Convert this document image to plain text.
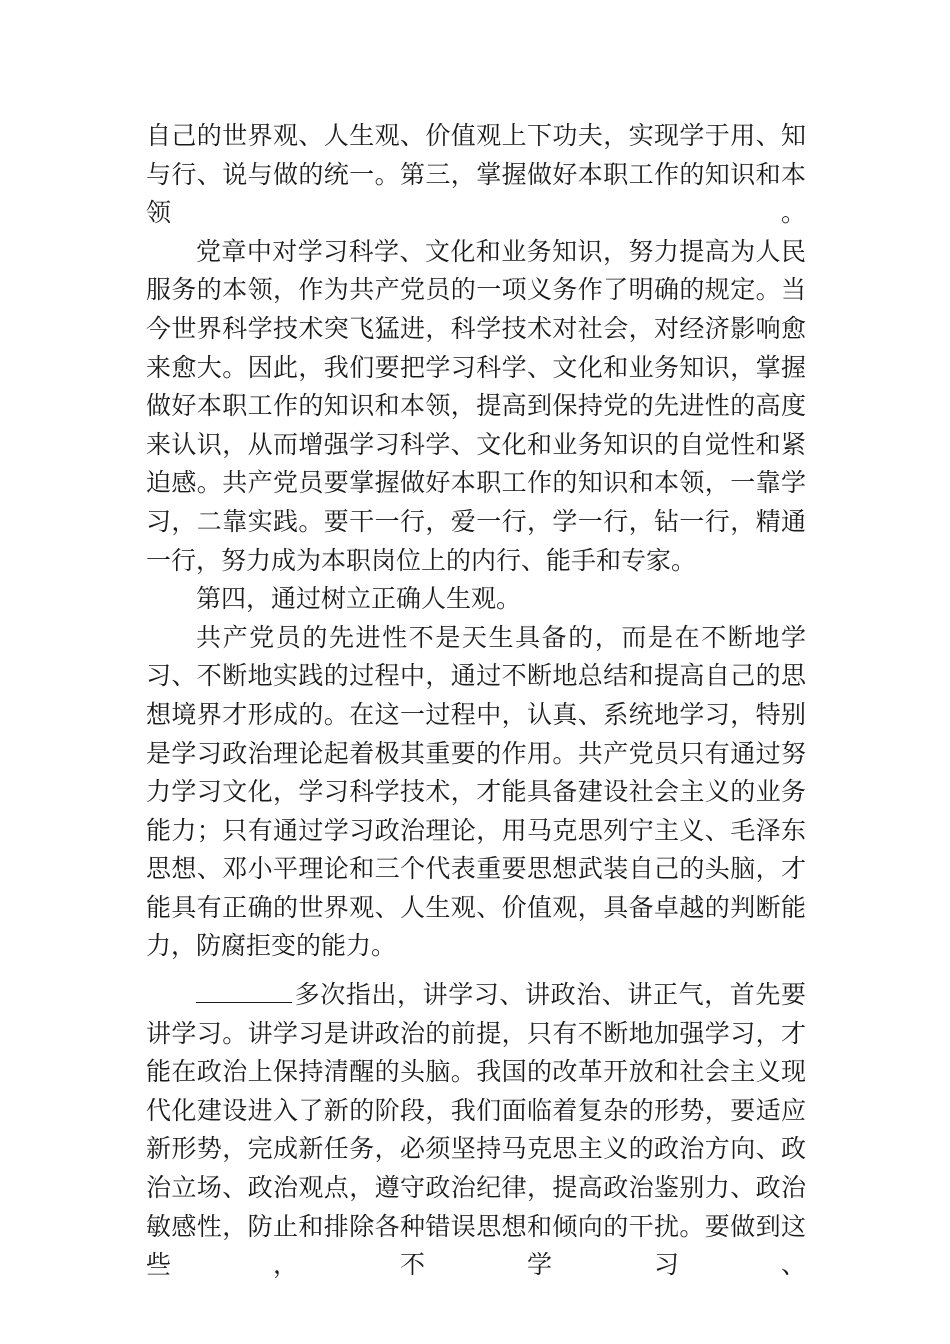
自己的世界观、人生观、价值观上下功夫，实现学于用、知与行、说与做的统一。第三，掌握做好本职工作的知识和本领。

党章中对学习科学、文化和业务知识，努力提高为人民服务的本领，作为共产党员的一项义务作了明确的规定。当今世界科学技术突飞猛进，科学技术对社会，对经济影响愈来愈大。因此，我们要把学习科学、文化和业务知识，掌握做好本职工作的知识和本领，提高到保持党的先进性的高度来认识，从而增强学习科学、文化和业务知识的自觉性和紧迫感。共产党员要掌握做好本职工作的知识和本领，一靠学习，二靠实践。要干一行，爱一行，学一行，钻一行，精通一行，努力成为本职岗位上的内行、能手和专家。

第四，通过树立正确人生观。

共产党员的先进性不是天生具备的，而是在不断地学习、不断地实践的过程中，通过不断地总结和提高自己的思想境界才形成的。在这一过程中，认真、系统地学习，特别是学习政治理论起着极其重要的作用。共产党员只有通过努力学习文化，学习科学技术，才能具备建设社会主义的业务能力；只有通过学习政治理论，用马克思列宁主义、毛泽东思想、邓小平理论和三个代表重要思想武装自己的头脑，才能具有正确的世界观、人生观、价值观，具备卓越的判断能力，防腐拒变的能力。

多次指出，讲学习、讲政治、讲正气，首先要讲学习。讲学习是讲政治的前提，只有不断地加强学习，才能在政治上保持清醒的头脑。我国的改革开放和社会主义现代化建设进入了新的阶段，我们面临着复杂的形势，要适应新形势，完成新任务，必须坚持马克思主义的政治方向、政治立场、政治观点，遵守政治纪律，提高政治鉴别力、政治敏感性，防止和排除各种错误思想和倾向的干扰。要做到这些，不学习、
